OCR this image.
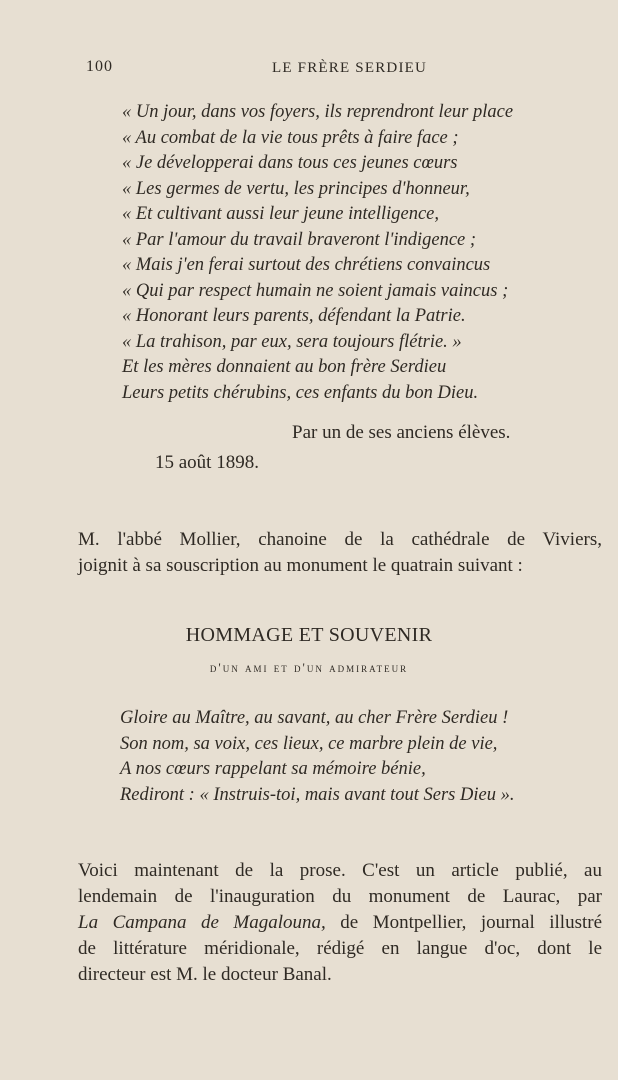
100	LE FRÈRE SERDIEU
« Un jour, dans vos foyers, ils reprendront leur place
« Au combat de la vie tous prêts à faire face ;
« Je développerai dans tous ces jeunes cœurs
« Les germes de vertu, les principes d'honneur,
« Et cultivant aussi leur jeune intelligence,
« Par l'amour du travail braveront l'indigence ;
« Mais j'en ferai surtout des chrétiens convaincus
« Qui par respect humain ne soient jamais vaincus ;
« Honorant leurs parents, défendant la Patrie.
« La trahison, par eux, sera toujours flétrie. »
Et les mères donnaient au bon frère Serdieu
Leurs petits chérubins, ces enfants du bon Dieu.
Par un de ses anciens élèves.
15 août 1898.
M. l'abbé Mollier, chanoine de la cathédrale de Viviers,
joignit à sa souscription au monument le quatrain suivant :
HOMMAGE ET SOUVENIR
d'un ami et d'un admirateur
Gloire au Maître, au savant, au cher Frère Serdieu !
Son nom, sa voix, ces lieux, ce marbre plein de vie,
A nos cœurs rappelant sa mémoire bénie,
Rediront : « Instruis-toi, mais avant tout Sers Dieu ».
Voici maintenant de la prose. C'est un article publié, au
lendemain de l'inauguration du monument de Laurac, par
La Campana de Magalouna, de Montpellier, journal illustré
de littérature méridionale, rédigé en langue d'oc, dont le
directeur est M. le docteur Banal.
